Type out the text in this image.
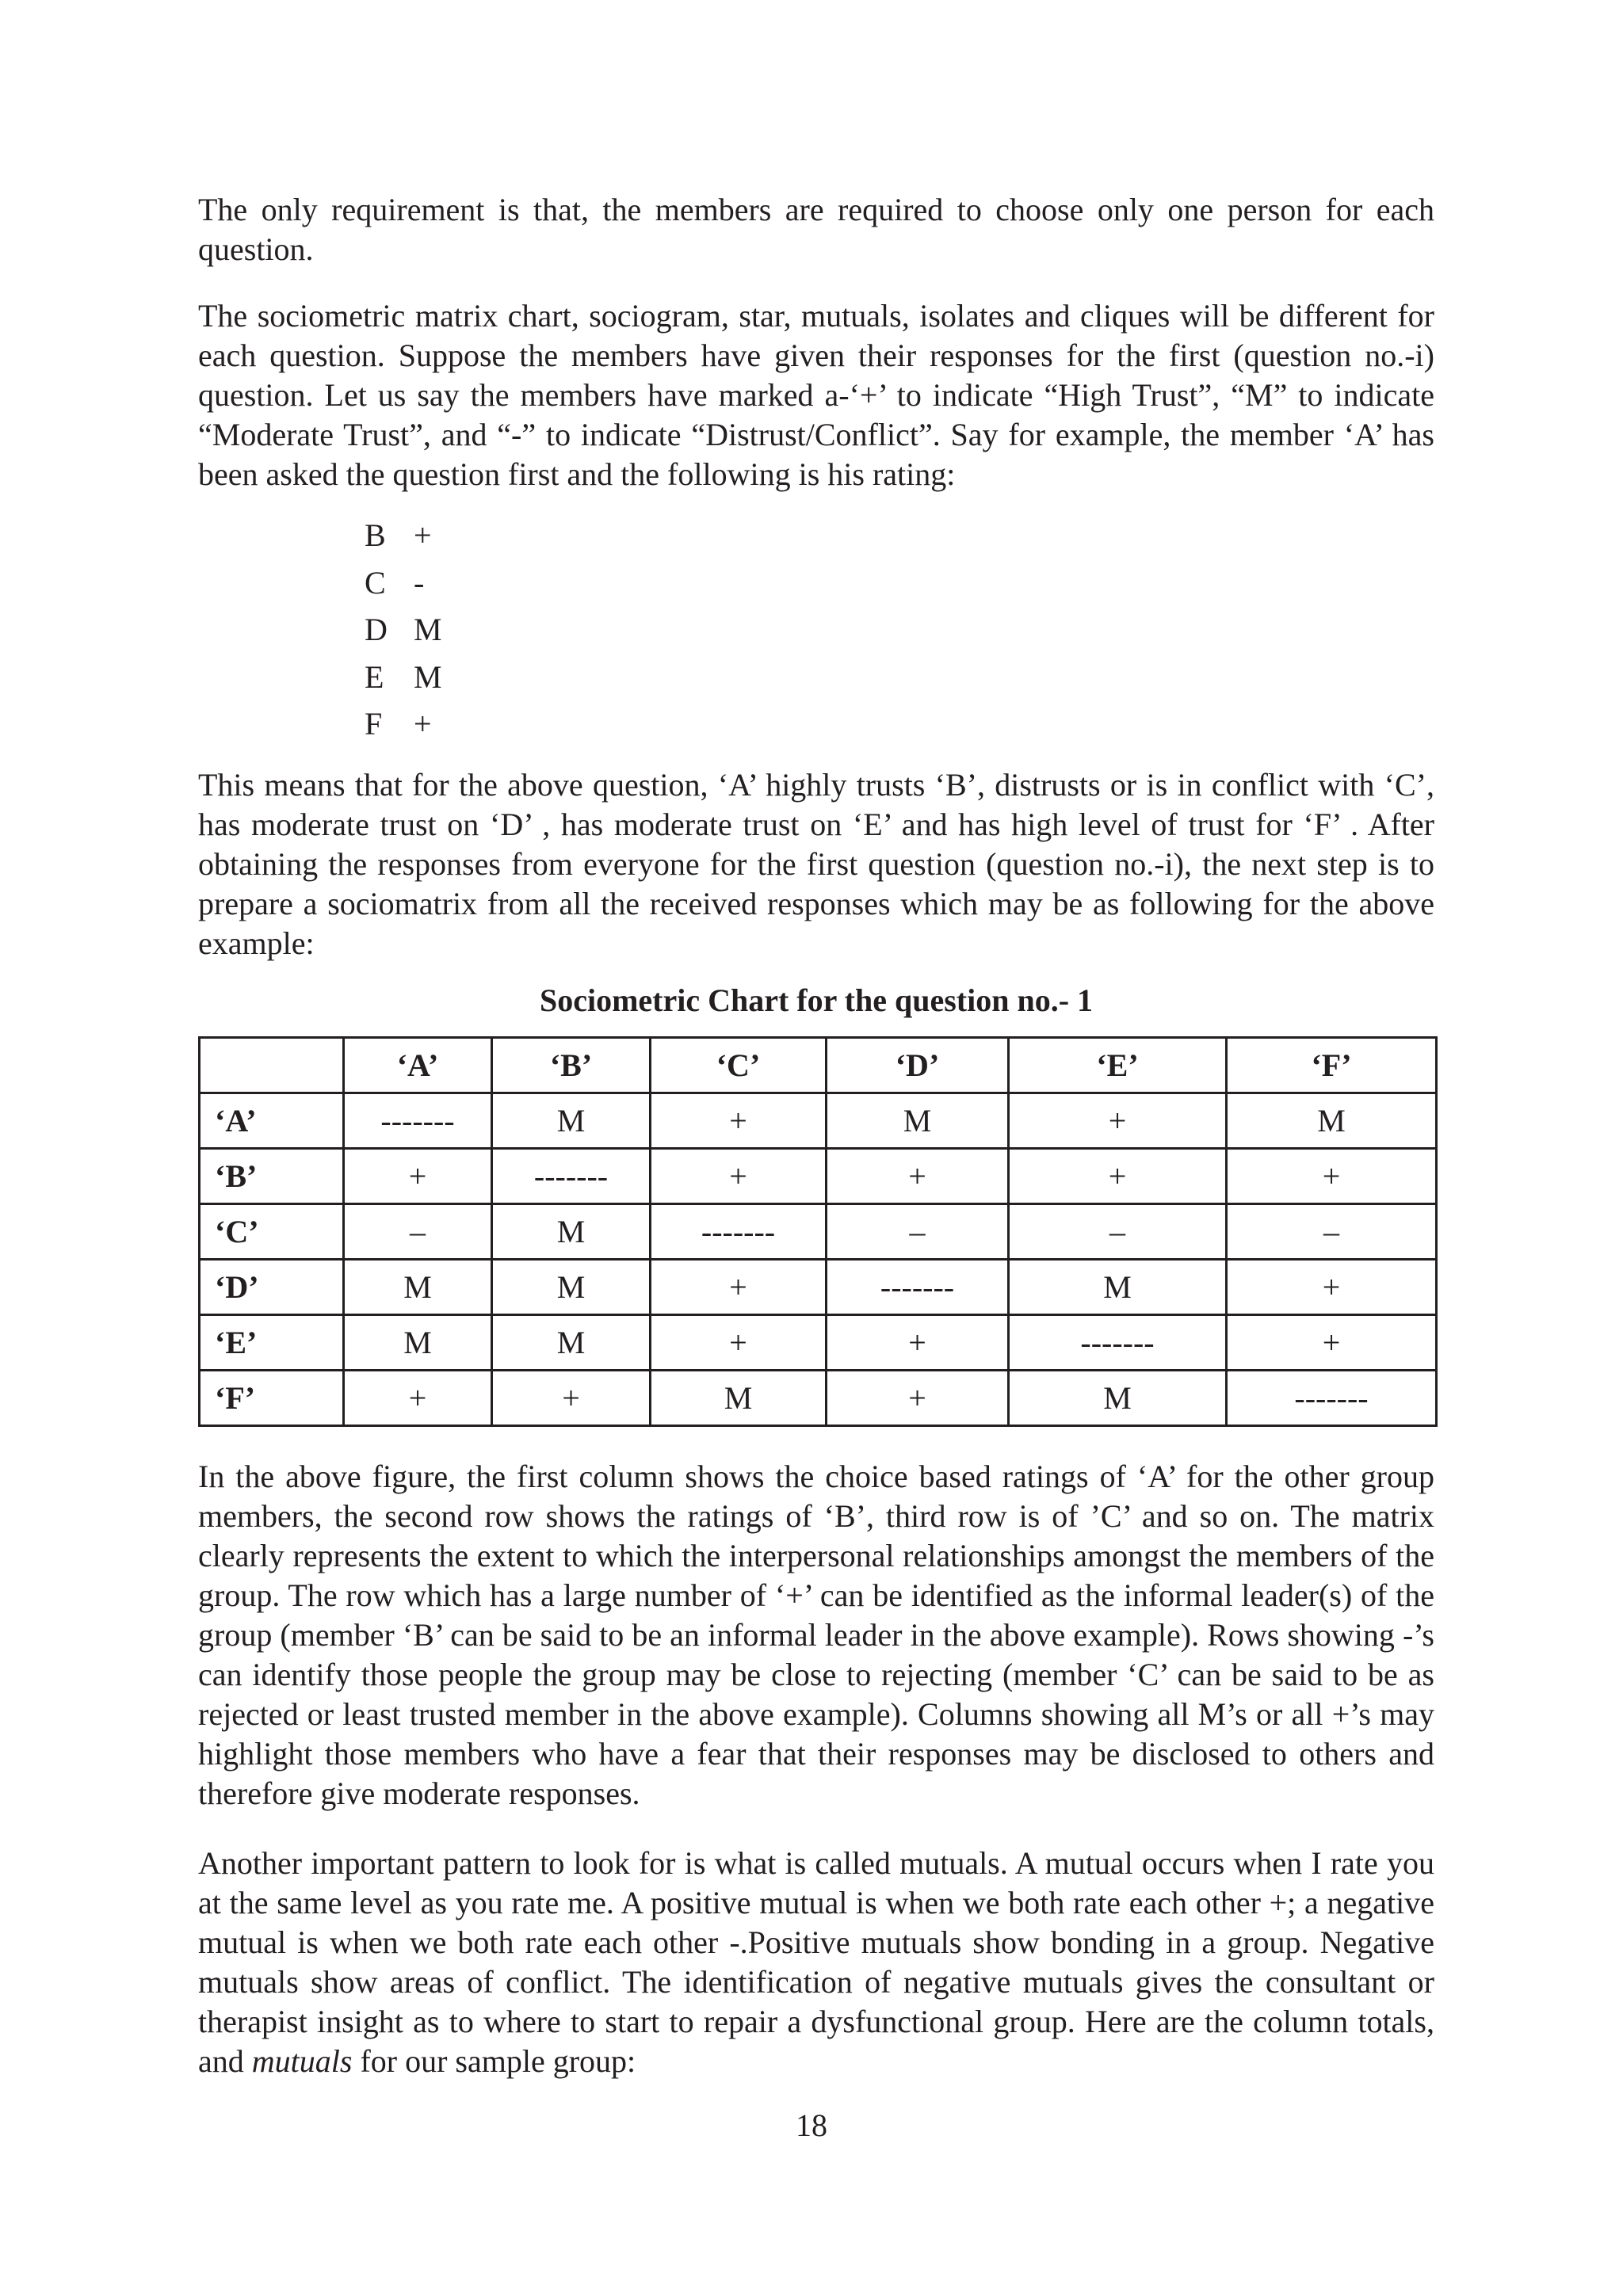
The only requirement is that, the members are required to choose only one person for each question.

The sociometric matrix chart, sociogram, star, mutuals, isolates and cliques will be different for each question. Suppose the members have given their responses for the first (question no.-i) question. Let us say the members have marked a-‘+’ to indicate “High Trust”, “M” to indicate “Moderate Trust”, and “-” to indicate “Distrust/Conflict”. Say for example, the member ‘A’ has been asked the question first and the following is his rating:

B +
C -
D M
E M
F +

This means that for the above question, ‘A’ highly trusts ‘B’, distrusts or is in conflict with ‘C’, has moderate trust on ‘D’ , has moderate trust on ‘E’ and has high level of trust for ‘F’ . After obtaining the responses from everyone for the first question (question no.-i), the next step is to prepare a sociomatrix from all the received responses which may be as following for the above example:

Sociometric Chart for the question no.- 1
	‘A’	‘B’	‘C’	‘D’	‘E’	‘F’
‘A’	-------	M	+	M	+	M
‘B’	+	-------	+	+	+	+
‘C’	–	M	-------	–	–	–
‘D’	M	M	+	-------	M	+
‘E’	M	M	+	+	-------	+
‘F’	+	+	M	+	M	-------

In the above figure, the first column shows the choice based ratings of ‘A’ for the other group members, the second row shows the ratings of ‘B’, third row is of ’C’ and so on. The matrix clearly represents the extent to which the interpersonal relationships amongst the members of the group. The row which has a large number of ‘+’ can be identified as the informal leader(s) of the group (member ‘B’ can be said to be an informal leader in the above example). Rows showing -’s can identify those people the group may be close to rejecting (member ‘C’ can be said to be as rejected or least trusted member in the above example). Columns showing all M’s or all +’s may highlight those members who have a fear that their responses may be disclosed to others and therefore give moderate responses.

Another important pattern to look for is what is called mutuals. A mutual occurs when I rate you at the same level as you rate me. A positive mutual is when we both rate each other +; a negative mutual is when we both rate each other -.Positive mutuals show bonding in a group. Negative mutuals show areas of conflict. The identification of negative mutuals gives the consultant or therapist insight as to where to start to repair a dysfunctional group. Here are the column totals, and mutuals for our sample group:

18
